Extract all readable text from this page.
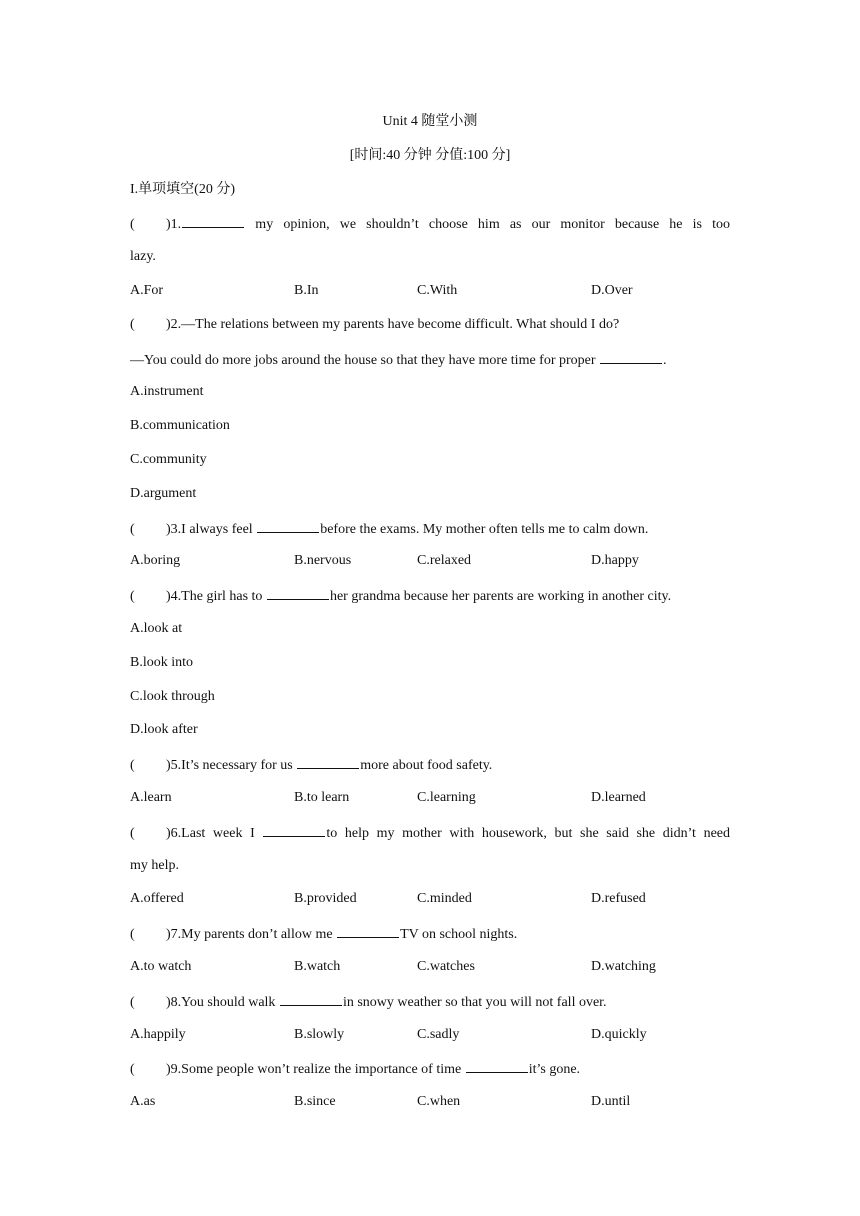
Unit 4 随堂小测
[时间:40 分钟 分值:100 分]
I.单项填空(20 分)
( )1.	my opinion, we shouldn’t choose him as our monitor because he is too
lazy.
A.For	B.In	C.With	D.Over
( )2.—The relations between my parents have become difficult. What should I do?
—You could do more jobs around the house so that they have more time for proper	.
A.instrument
B.communication
C.community
D.argument
( )3.I always feel	before the exams. My mother often tells me to calm down.
A.boring	B.nervous	C.relaxed	D.happy
( )4.The girl has to	her grandma because her parents are working in another city.
A.look at
B.look into
C.look through
D.look after
( )5.It’s necessary for us	more about food safety.
A.learn	B.to learn	C.learning	D.learned
( )6.Last week I	to help my mother with housework, but she said she didn’t need
my help.
A.offered	B.provided	C.minded	D.refused
( )7.My parents don’t allow me	TV on school nights.
A.to watch	B.watch	C.watches	D.watching
( )8.You should walk	in snowy weather so that you will not fall over.
A.happily	B.slowly	C.sadly	D.quickly
( )9.Some people won’t realize the importance of time	it’s gone.
A.as	B.since	C.when	D.until
